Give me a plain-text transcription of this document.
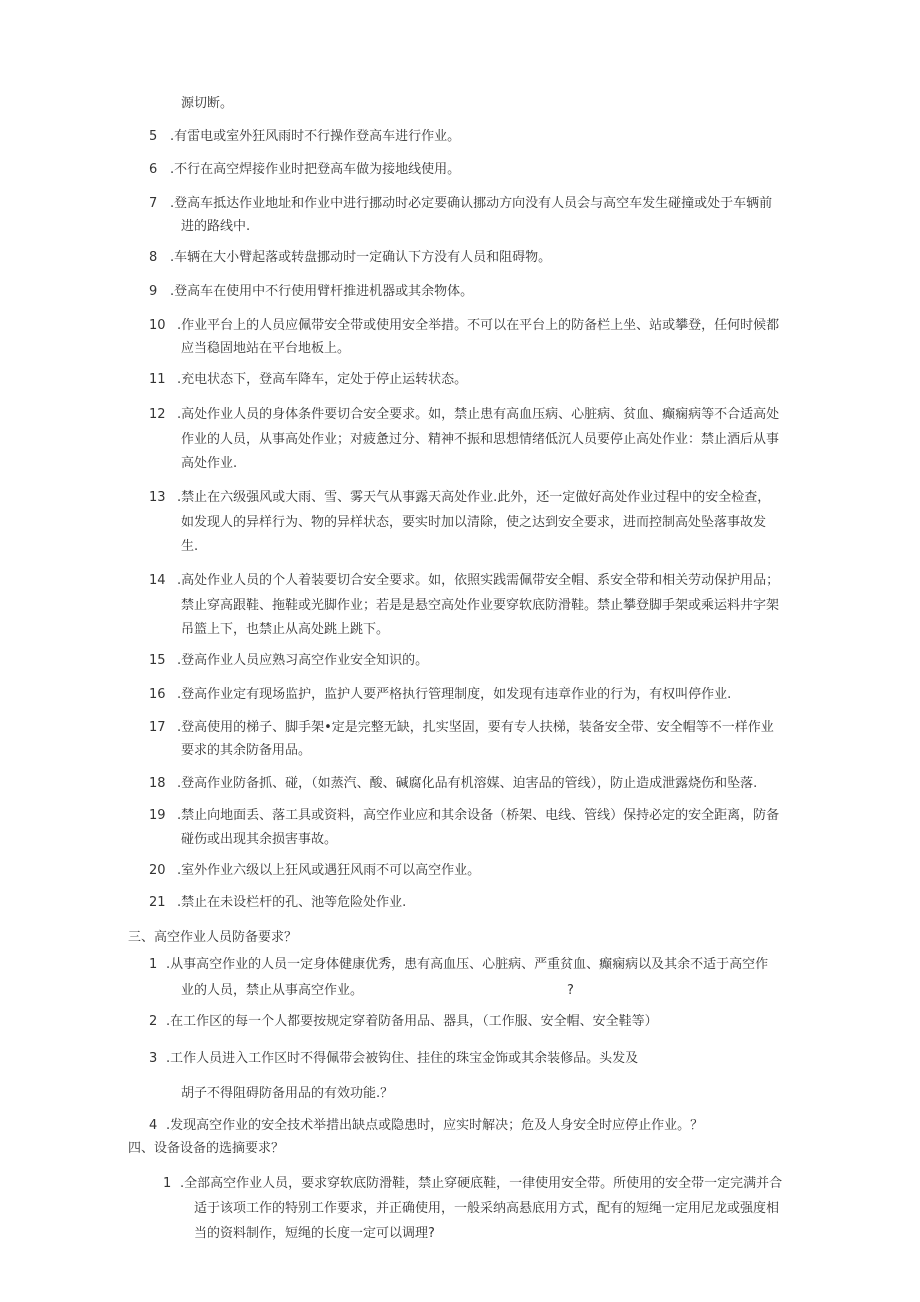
源切断。
5 .有雷电或室外狂风雨时不行操作登高车进行作业。
6 .不行在高空焊接作业时把登高车做为接地线使用。
7 .登高车抵达作业地址和作业中进行挪动时必定要确认挪动方向没有人员会与高空车发生碰撞或处于车辆前
进的路线中.
8 .车辆在大小臂起落或转盘挪动时一定确认下方没有人员和阻碍物。
9 .登高车在使用中不行使用臂杆推进机器或其余物体。
10 .作业平台上的人员应佩带安全带或使用安全举措。不可以在平台上的防备栏上坐、站或攀登，任何时候都
应当稳固地站在平台地板上。
11 .充电状态下，登高车降车，定处于停止运转状态。
12 .高处作业人员的身体条件要切合安全要求。如，禁止患有高血压病、心脏病、贫血、癫痫病等不合适高处
作业的人员，从事高处作业；对疲惫过分、精神不振和思想情绪低沉人员要停止高处作业：禁止酒后从事
高处作业.
13 .禁止在六级强风或大雨、雪、雾天气从事露天高处作业.此外，还一定做好高处作业过程中的安全检查，
如发现人的异样行为、物的异样状态，要实时加以清除，使之达到安全要求，进而控制高处坠落事故发
生.
14 .高处作业人员的个人着装要切合安全要求。如，依照实践需佩带安全帽、系安全带和相关劳动保护用品；
禁止穿高跟鞋、拖鞋或光脚作业；若是是悬空高处作业要穿软底防滑鞋。禁止攀登脚手架或乘运料井字架
吊篮上下，也禁止从高处跳上跳下。
15 .登高作业人员应熟习高空作业安全知识的。
16 .登高作业定有现场监护，监护人要严格执行管理制度，如发现有违章作业的行为，有权叫停作业.
17 .登高使用的梯子、脚手架•定是完整无缺，扎实坚固，要有专人扶梯，装备安全带、安全帽等不一样作业
要求的其余防备用品。
18 .登高作业防备抓、碰，（如蒸汽、酸、碱腐化品有机溶媒、迫害品的管线），防止造成泄露烧伤和坠落.
19 .禁止向地面丢、落工具或资料，高空作业应和其余设备（桥架、电线、管线）保持必定的安全距离，防备
碰伤或出现其余损害事故。
20 .室外作业六级以上狂风或遇狂风雨不可以高空作业。
21 .禁止在未设栏杆的孔、池等危险处作业.
三、高空作业人员防备要求？
1 .从事高空作业的人员一定身体健康优秀，患有高血压、心脏病、严重贫血、癫痫病以及其余不适于高空作
业的人员，禁止从事高空作业。	?
2 .在工作区的每一个人都要按规定穿着防备用品、器具，（工作服、安全帽、安全鞋等）
3 .工作人员进入工作区时不得佩带会被钩住、挂住的珠宝金饰或其余装修品。头发及
胡子不得阻碍防备用品的有效功能.？
4 .发现高空作业的安全技术举措出缺点或隐患时，应实时解决；危及人身安全时应停止作业。？
四、设备设备的选摘要求？
1 .全部高空作业人员，要求穿软底防滑鞋，禁止穿硬底鞋，一律使用安全带。所使用的安全带一定完满并合
适于该项工作的特别工作要求，并正确使用，一般采纳高悬底用方式，配有的短绳一定用尼龙或强度相
当的资料制作，短绳的长度一定可以调理?
